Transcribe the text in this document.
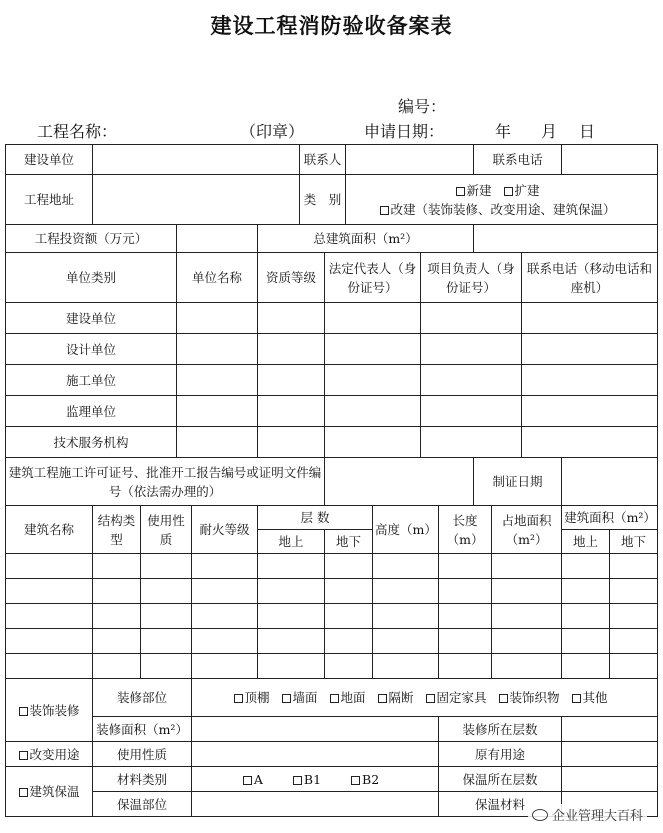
建设工程消防验收备案表
编号：
工程名称：	（印章）	申请日期：	年 月 日
建设单位						联系人						联系电话				
工程地址						类　别		新建 扩建
改建（装饰装修、改变用途、建筑保温）								

工程投资额（万元）					总建筑面积（m²）											
单位类别			单位名称		资质等级		法定代表人（身份证号）			项目负责人（身份证号）				联系电话（移动电话和座机）		
建设单位																
设计单位																
施工单位																
监理单位																
技术服务机构																
建筑工程施工许可证号、批准开工报告编号或证明文件编号（依法需办理的）												制证日期				
建筑名称	结构类型	使用性质		耐火等级	层 数				高度（m）		长度（m）		占地面积（m²）		建筑面积（m²）	
					地上		地下								地上	地下

装饰装修	装修部位			顶棚 墙面 地面 隔断 固定家具 装饰织物 其他												
	装修面积（m²）										装修所在层数					
改变用途	使用性质										原有用途					
建筑保温	材料类别			A B1 B2							保温所在层数					
	保温部位										保温材料					
企业管理大百科
